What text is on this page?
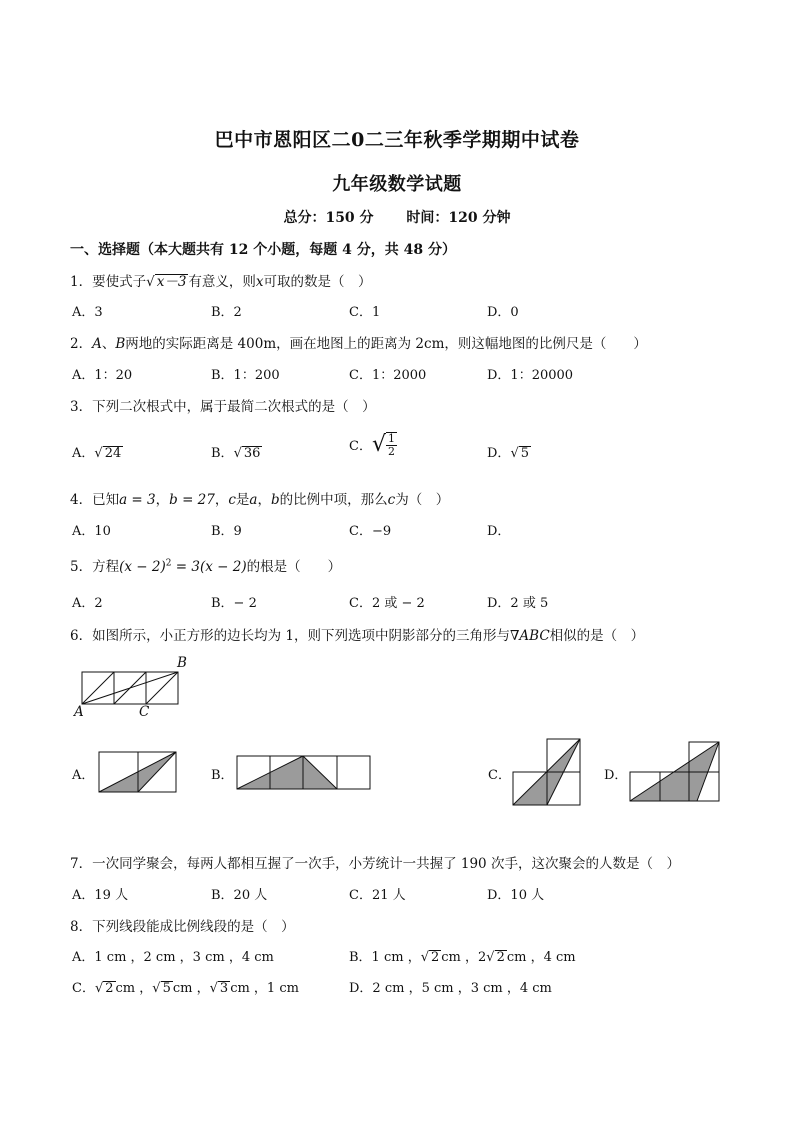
巴中市恩阳区二0二三年秋季学期期中试卷
九年级数学试题
总分：150 分　　 时间：120 分钟
一、选择题（本大题共有 12 个小题，每题 4 分，共 48 分）
1．要使式子√ x－3 有意义，则x可取的数是（　）
A．3	B．2	C．1	D．0
2．A、B两地的实际距离是 400m，画在地图上的距离为 2cm，则这幅地图的比例尺是（　　）
A．1：20	B．1：200	C．1：2000	D．1：20000
3．下列二次根式中，属于最简二次根式的是（　）
A．√ 24	B．√ 36	C．√ $\frac{1}{2}$	D．√ 5
4．已知a = 3，b = 27，c是a，b的比例中项，那么c为（　）
A．10	B．9	C．−9	D．
5．方程$(x - 2)^2 = 3(x - 2)$的根是（　　）
A．2	B．− 2	C．2 或 − 2	D．2 或 5
6．如图所示，小正方形的边长均为 1，则下列选项中阴影部分的三角形与∇ABC相似的是（　）
B
A	C
A．	B．	C．	D．
7．一次同学聚会，每两人都相互握了一次手，小芳统计一共握了 190 次手，这次聚会的人数是（　）
A．19 人	B．20 人	C．21 人	D．10 人
8．下列线段能成比例线段的是（　）
A．1 cm ，2 cm ，3 cm ，4 cm	B．1 cm ，√ 2 cm ，2√ 2 cm ，4 cm
C．√ 2 cm ，√ 5 cm ，√ 3 cm ，1 cm	D．2 cm ，5 cm ，3 cm ，4 cm
